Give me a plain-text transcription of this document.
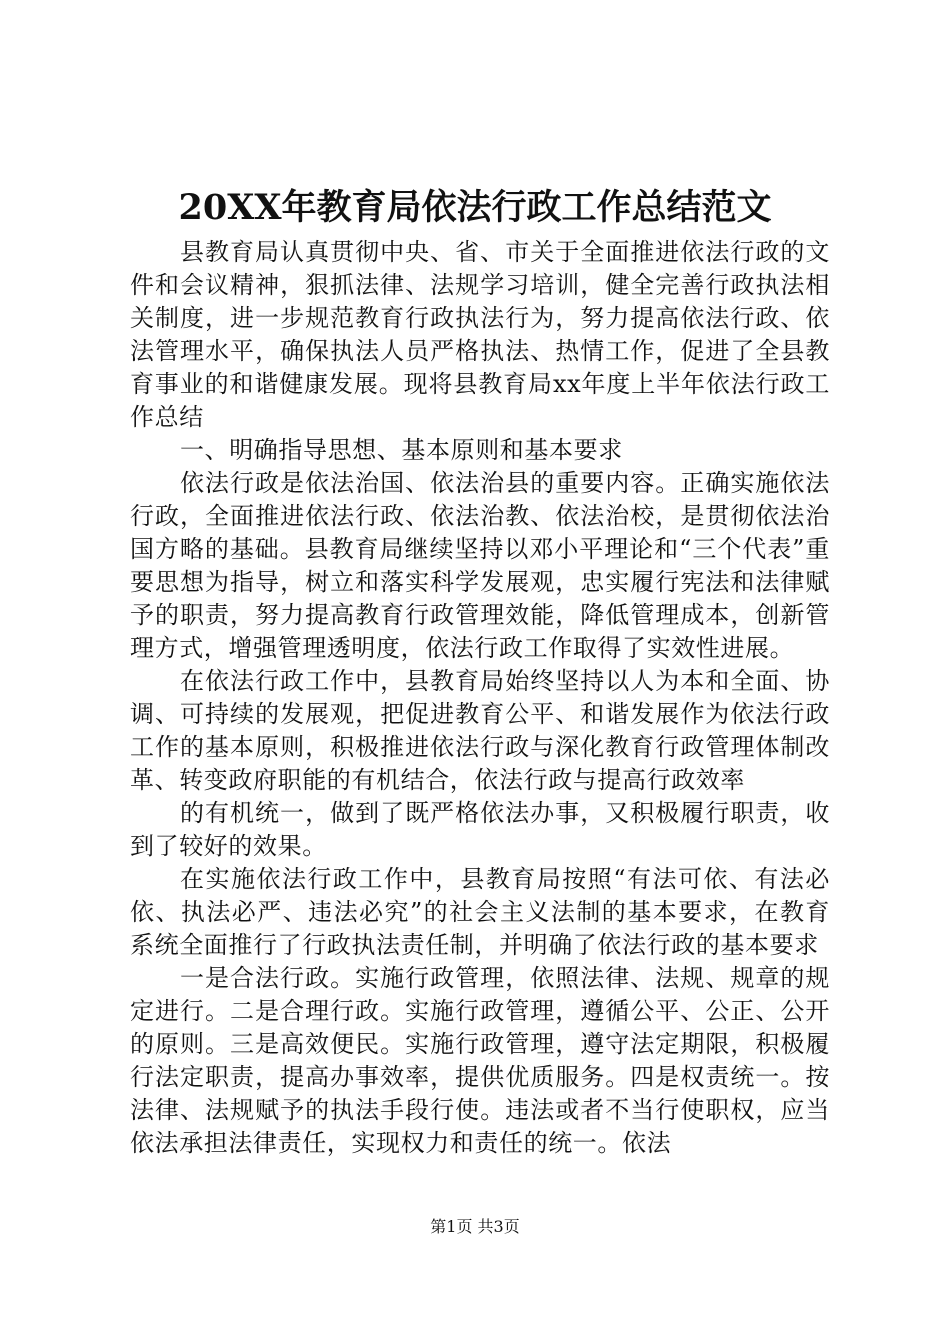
20XX年教育局依法行政工作总结范文

县教育局认真贯彻中央、省、市关于全面推进依法行政的文件和会议精神，狠抓法律、法规学习培训，健全完善行政执法相关制度，进一步规范教育行政执法行为，努力提高依法行政、依法管理水平，确保执法人员严格执法、热情工作，促进了全县教育事业的和谐健康发展。现将县教育局xx年度上半年依法行政工作总结

一、明确指导思想、基本原则和基本要求

依法行政是依法治国、依法治县的重要内容。正确实施依法行政，全面推进依法行政、依法治教、依法治校，是贯彻依法治国方略的基础。县教育局继续坚持以邓小平理论和“三个代表”重要思想为指导，树立和落实科学发展观，忠实履行宪法和法律赋予的职责，努力提高教育行政管理效能，降低管理成本，创新管理方式，增强管理透明度，依法行政工作取得了实效性进展。

在依法行政工作中，县教育局始终坚持以人为本和全面、协调、可持续的发展观，把促进教育公平、和谐发展作为依法行政工作的基本原则，积极推进依法行政与深化教育行政管理体制改革、转变政府职能的有机结合，依法行政与提高行政效率

的有机统一，做到了既严格依法办事，又积极履行职责，收到了较好的效果。

在实施依法行政工作中，县教育局按照“有法可依、有法必依、执法必严、违法必究”的社会主义法制的基本要求，在教育系统全面推行了行政执法责任制，并明确了依法行政的基本要求

一是合法行政。实施行政管理，依照法律、法规、规章的规定进行。二是合理行政。实施行政管理，遵循公平、公正、公开的原则。三是高效便民。实施行政管理，遵守法定期限，积极履行法定职责，提高办事效率，提供优质服务。四是权责统一。按法律、法规赋予的执法手段行使。违法或者不当行使职权，应当依法承担法律责任，实现权力和责任的统一。依法

第1页 共3页
